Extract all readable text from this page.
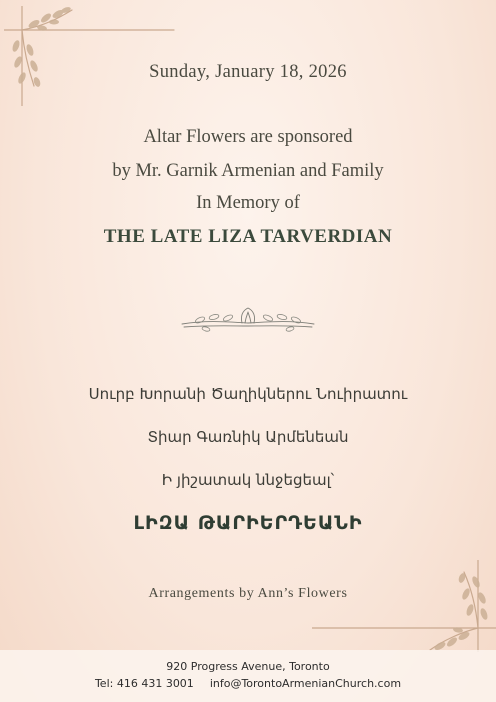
Sunday, January 18, 2026
Altar Flowers are sponsored
by Mr. Garnik Armenian and Family
In Memory of
THE LATE LIZA TARVERDIAN
Սուրբ Խորանի Ծաղիկներու Նուիրատու
Տիար Գառնիկ Արմենեան
Ի յիշատակ ննջեցեալ՝
ԼԻԶԱ ԹԱՐԻԵՐԴԵԱՆԻ
Arrangements by Ann’s Flowers
920 Progress Avenue, Toronto
Tel: 416 431 3001 info@TorontoArmenianChurch.com
